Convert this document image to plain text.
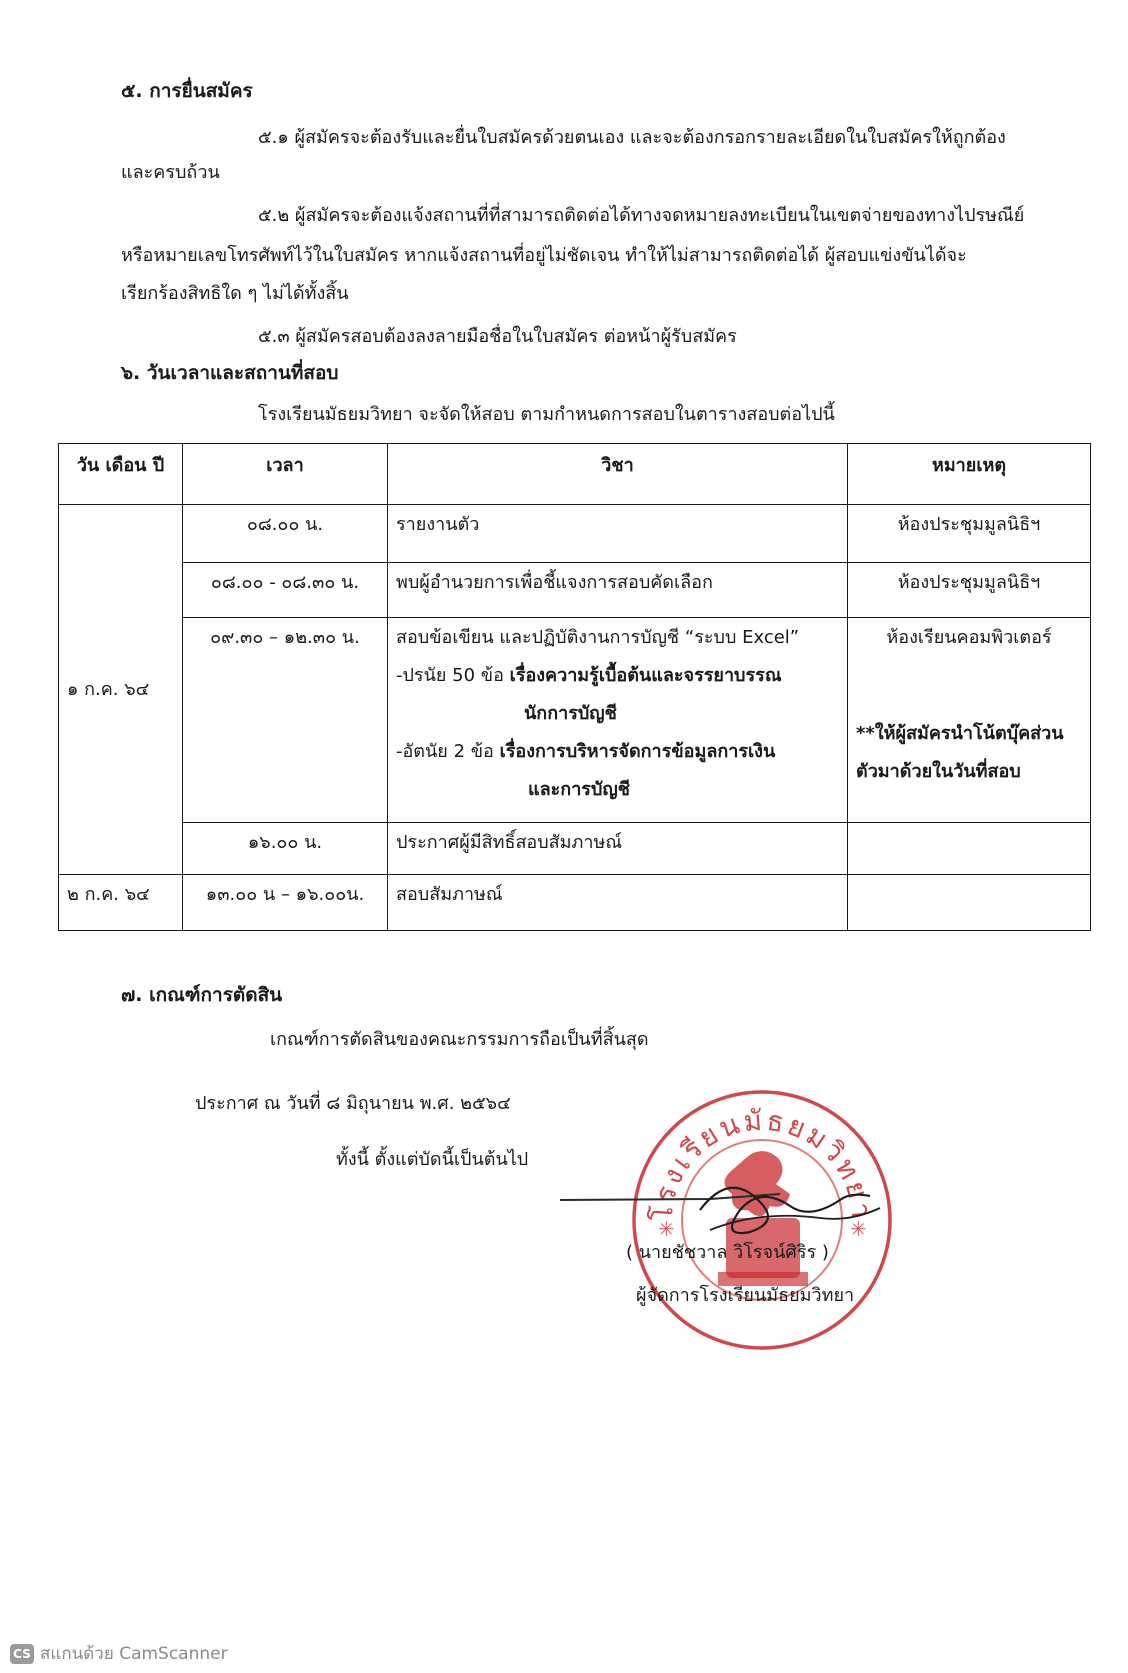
๕. การยื่นสมัคร
๕.๑ ผู้สมัครจะต้องรับและยื่นใบสมัครด้วยตนเอง และจะต้องกรอกรายละเอียดในใบสมัครให้ถูกต้อง
และครบถ้วน
๕.๒ ผู้สมัครจะต้องแจ้งสถานที่ที่สามารถติดต่อได้ทางจดหมายลงทะเบียนในเขตจ่ายของทางไปรษณีย์
หรือหมายเลขโทรศัพท์ไว้ในใบสมัคร หากแจ้งสถานที่อยู่ไม่ชัดเจน ทำให้ไม่สามารถติดต่อได้ ผู้สอบแข่งขันได้จะ
เรียกร้องสิทธิใด ๆ ไม่ได้ทั้งสิ้น
๕.๓ ผู้สมัครสอบต้องลงลายมือชื่อในใบสมัคร ต่อหน้าผู้รับสมัคร
๖. วันเวลาและสถานที่สอบ
โรงเรียนมัธยมวิทยา จะจัดให้สอบ ตามกำหนดการสอบในตารางสอบต่อไปนี้
วัน เดือน ปี	เวลา	วิชา	หมายเหตุ
๑ ก.ค. ๖๔	๐๘.๐๐ น.	รายงานตัว	ห้องประชุมมูลนิธิฯ
	๐๘.๐๐ - ๐๘.๓๐ น.	พบผู้อำนวยการเพื่อชี้แจงการสอบคัดเลือก	ห้องประชุมมูลนิธิฯ
	๐๙.๓๐ – ๑๒.๓๐ น.	สอบข้อเขียน และปฏิบัติงานการบัญชี “ระบบ Excel”
-ปรนัย 50 ข้อ เรื่องความรู้เบื้อต้นและจรรยาบรรณ
นักการบัญชี
-อัตนัย 2 ข้อ เรื่องการบริหารจัดการข้อมูลการเงิน
และการบัญชี	ห้องเรียนคอมพิวเตอร์
**ให้ผู้สมัครนำโน้ตบุ๊คส่วน
ตัวมาด้วยในวันที่สอบ

	๑๖.๐๐ น.	ประกาศผู้มีสิทธิ์สอบสัมภาษณ์	
๒ ก.ค. ๖๔	๑๓.๐๐ น – ๑๖.๐๐น.	สอบสัมภาษณ์	
๗. เกณฑ์การตัดสิน
เกณฑ์การตัดสินของคณะกรรมการถือเป็นที่สิ้นสุด
ประกาศ ณ วันที่ ๘ มิถุนายน พ.ศ. ๒๕๖๔
ทั้งนี้ ตั้งแต่บัดนี้เป็นต้นไป
โรงเรียนมัธยมวิทยา
✳	✳
( นายชัชวาล วิโรจน์ศิริร )
ผู้จัดการโรงเรียนมัธยมวิทยา
CS สแกนด้วย CamScanner
